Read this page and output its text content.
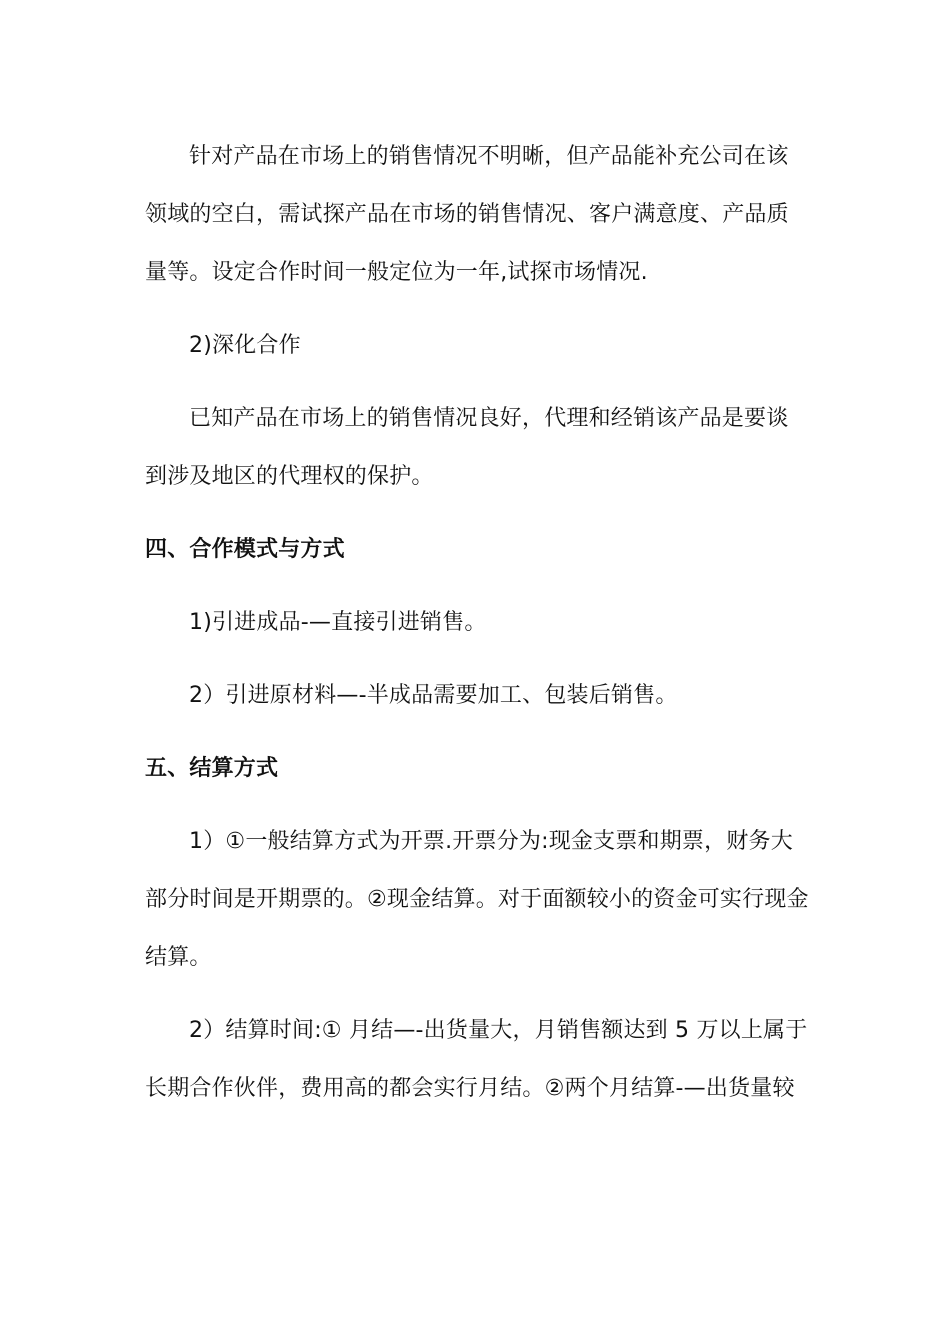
针对产品在市场上的销售情况不明晰，但产品能补充公司在该领域的空白，需试探产品在市场的销售情况、客户满意度、产品质量等。设定合作时间一般定位为一年,试探市场情况.

2)深化合作

已知产品在市场上的销售情况良好，代理和经销该产品是要谈到涉及地区的代理权的保护。

四、合作模式与方式

1)引进成品-—直接引进销售。

2）引进原材料—-半成品需要加工、包装后销售。

五、结算方式

1）①一般结算方式为开票.开票分为:现金支票和期票，财务大部分时间是开期票的。②现金结算。对于面额较小的资金可实行现金结算。

2）结算时间:① 月结—-出货量大，月销售额达到 5 万以上属于长期合作伙伴，费用高的都会实行月结。②两个月结算-—出货量较
